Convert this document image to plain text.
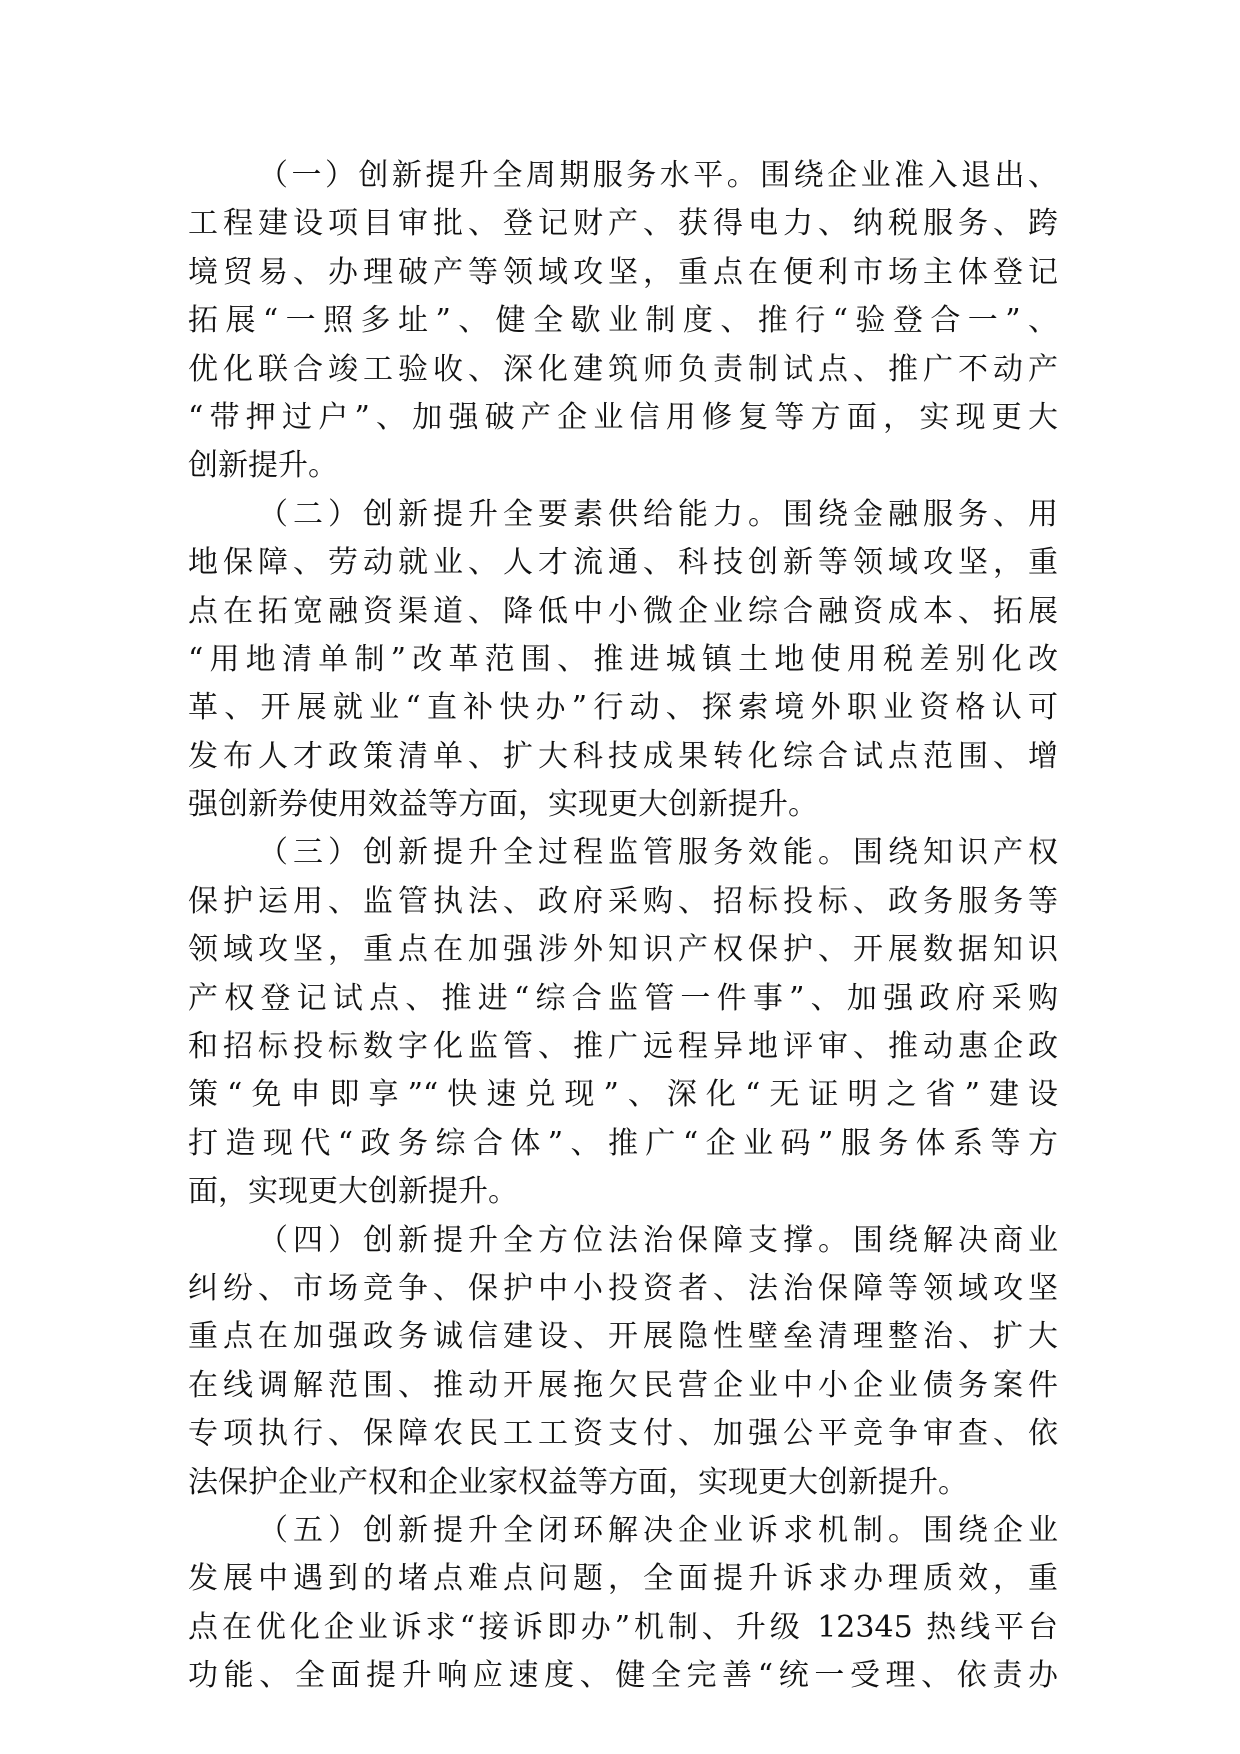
（一）创新提升全周期服务水平。围绕企业准入退出、
工程建设项目审批、登记财产、获得电力、纳税服务、跨
境贸易、办理破产等领域攻坚，重点在便利市场主体登记
拓展“一照多址”、健全歇业制度、推行“验登合一”、
优化联合竣工验收、深化建筑师负责制试点、推广不动产
“带押过户”、加强破产企业信用修复等方面，实现更大
创新提升。
（二）创新提升全要素供给能力。围绕金融服务、用
地保障、劳动就业、人才流通、科技创新等领域攻坚，重
点在拓宽融资渠道、降低中小微企业综合融资成本、拓展
“用地清单制”改革范围、推进城镇土地使用税差别化改
革、开展就业“直补快办”行动、探索境外职业资格认可
发布人才政策清单、扩大科技成果转化综合试点范围、增
强创新券使用效益等方面，实现更大创新提升。
（三）创新提升全过程监管服务效能。围绕知识产权
保护运用、监管执法、政府采购、招标投标、政务服务等
领域攻坚，重点在加强涉外知识产权保护、开展数据知识
产权登记试点、推进“综合监管一件事”、加强政府采购
和招标投标数字化监管、推广远程异地评审、推动惠企政
策“免申即享”“快速兑现”、深化“无证明之省”建设
打造现代“政务综合体”、推广“企业码”服务体系等方
面，实现更大创新提升。
（四）创新提升全方位法治保障支撑。围绕解决商业
纠纷、市场竞争、保护中小投资者、法治保障等领域攻坚
重点在加强政务诚信建设、开展隐性壁垒清理整治、扩大
在线调解范围、推动开展拖欠民营企业中小企业债务案件
专项执行、保障农民工工资支付、加强公平竞争审查、依
法保护企业产权和企业家权益等方面，实现更大创新提升。
（五）创新提升全闭环解决企业诉求机制。围绕企业
发展中遇到的堵点难点问题，全面提升诉求办理质效，重
点在优化企业诉求“接诉即办”机制、升级 12345 热线平台
功能、全面提升响应速度、健全完善“统一受理、依责办
